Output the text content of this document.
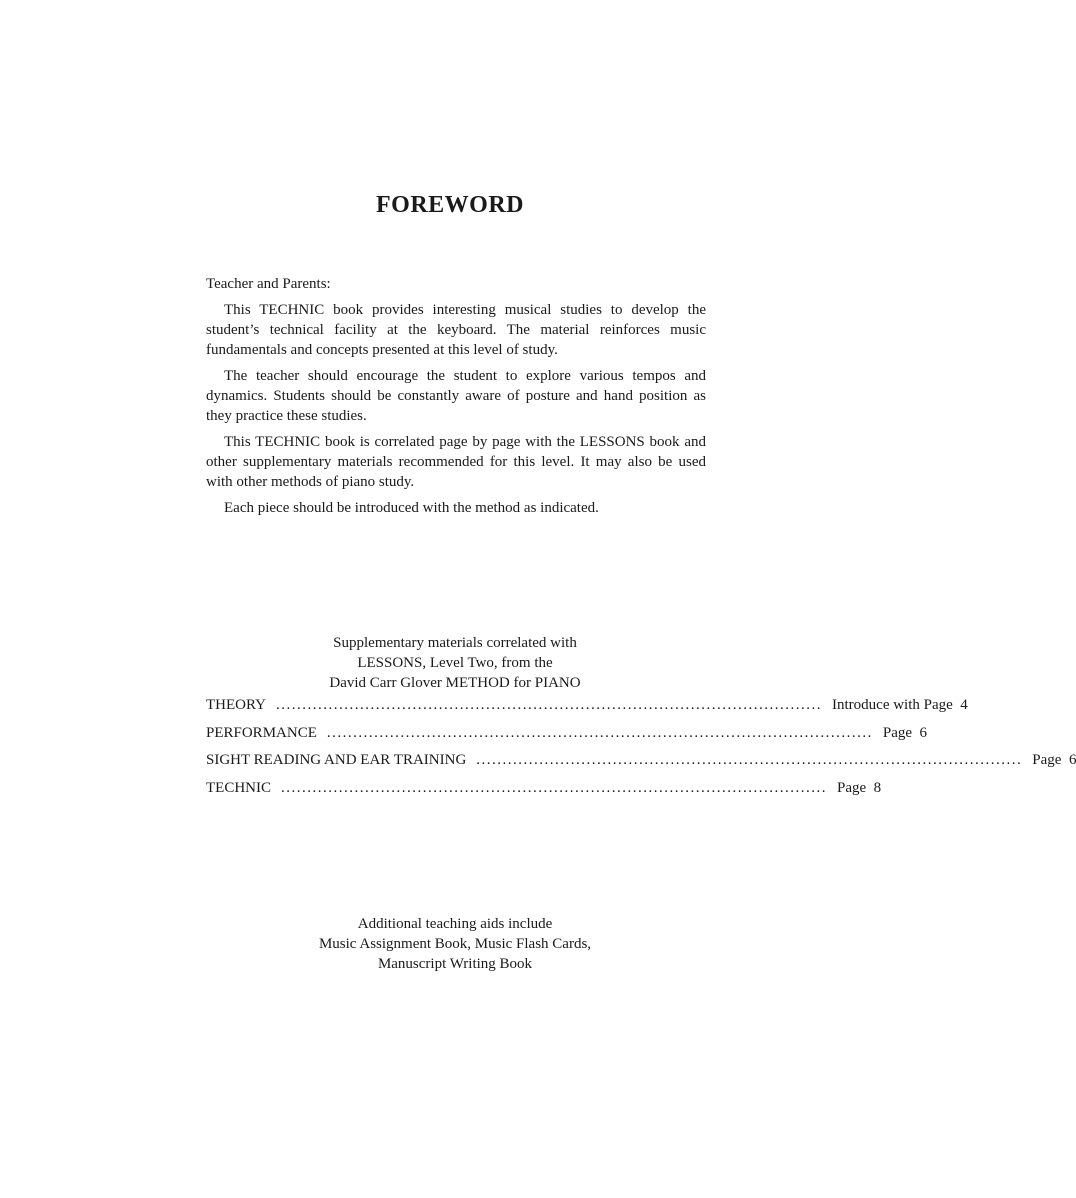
FOREWORD

Teacher and Parents:

This TECHNIC book provides interesting musical studies to develop the student’s technical facility at the keyboard. The material reinforces music fundamentals and concepts presented at this level of study.

The teacher should encourage the student to explore various tempos and dynamics. Students should be constantly aware of posture and hand position as they practice these studies.

This TECHNIC book is correlated page by page with the LESSONS book and other supplementary materials recommended for this level. It may also be used with other methods of piano study.

Each piece should be introduced with the method as indicated.

Supplementary materials correlated with
LESSONS, Level Two, from the
David Carr Glover METHOD for PIANO
THEORY ........................................................................................................ Introduce with Page  4
PERFORMANCE ........................................................................................................ Page  6
SIGHT READING AND EAR TRAINING ........................................................................................................ Page  6
TECHNIC ........................................................................................................ Page  8
Additional teaching aids include
Music Assignment Book, Music Flash Cards,
Manuscript Writing Book
